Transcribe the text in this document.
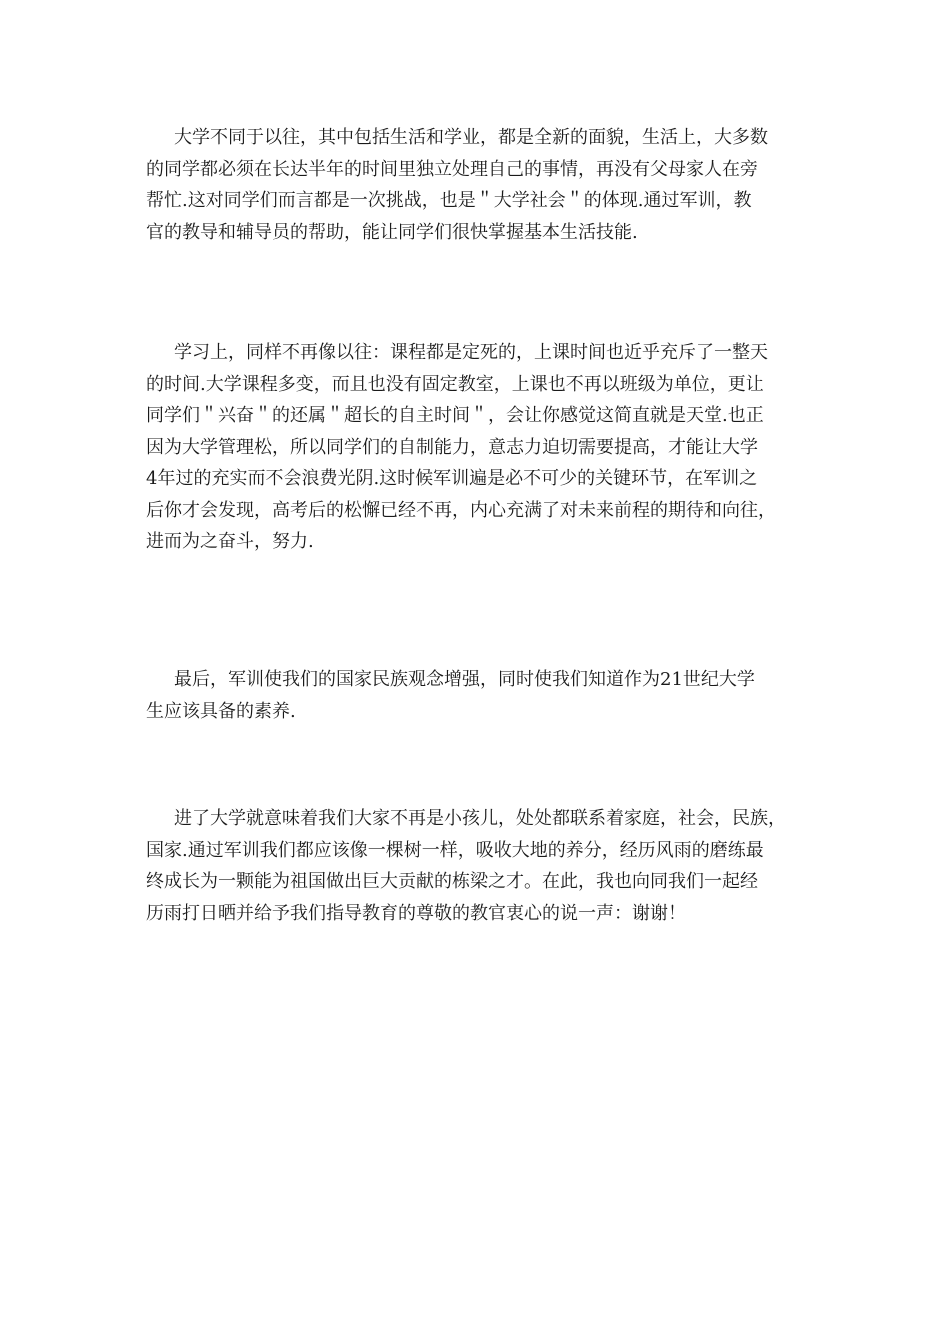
大学不同于以往，其中包括生活和学业，都是全新的面貌，生活上，大多数
的同学都必须在长达半年的时间里独立处理自己的事情，再没有父母家人在旁
帮忙.这对同学们而言都是一次挑战，也是＂大学社会＂的体现.通过军训，教
官的教导和辅导员的帮助，能让同学们很快掌握基本生活技能.
学习上，同样不再像以往：课程都是定死的，上课时间也近乎充斥了一整天
的时间.大学课程多变，而且也没有固定教室，上课也不再以班级为单位，更让
同学们＂兴奋＂的还属＂超长的自主时间＂，会让你感觉这简直就是天堂.也正
因为大学管理松，所以同学们的自制能力，意志力迫切需要提高，才能让大学
4年过的充实而不会浪费光阴.这时候军训遍是必不可少的关键环节，在军训之
后你才会发现，高考后的松懈已经不再，内心充满了对未来前程的期待和向往，
进而为之奋斗，努力.
最后，军训使我们的国家民族观念增强，同时使我们知道作为21世纪大学
生应该具备的素养.
进了大学就意味着我们大家不再是小孩儿，处处都联系着家庭，社会，民族，
国家.通过军训我们都应该像一棵树一样，吸收大地的养分，经历风雨的磨练最
终成长为一颗能为祖国做出巨大贡献的栋梁之才。在此，我也向同我们一起经
历雨打日晒并给予我们指导教育的尊敬的教官衷心的说一声：谢谢！
